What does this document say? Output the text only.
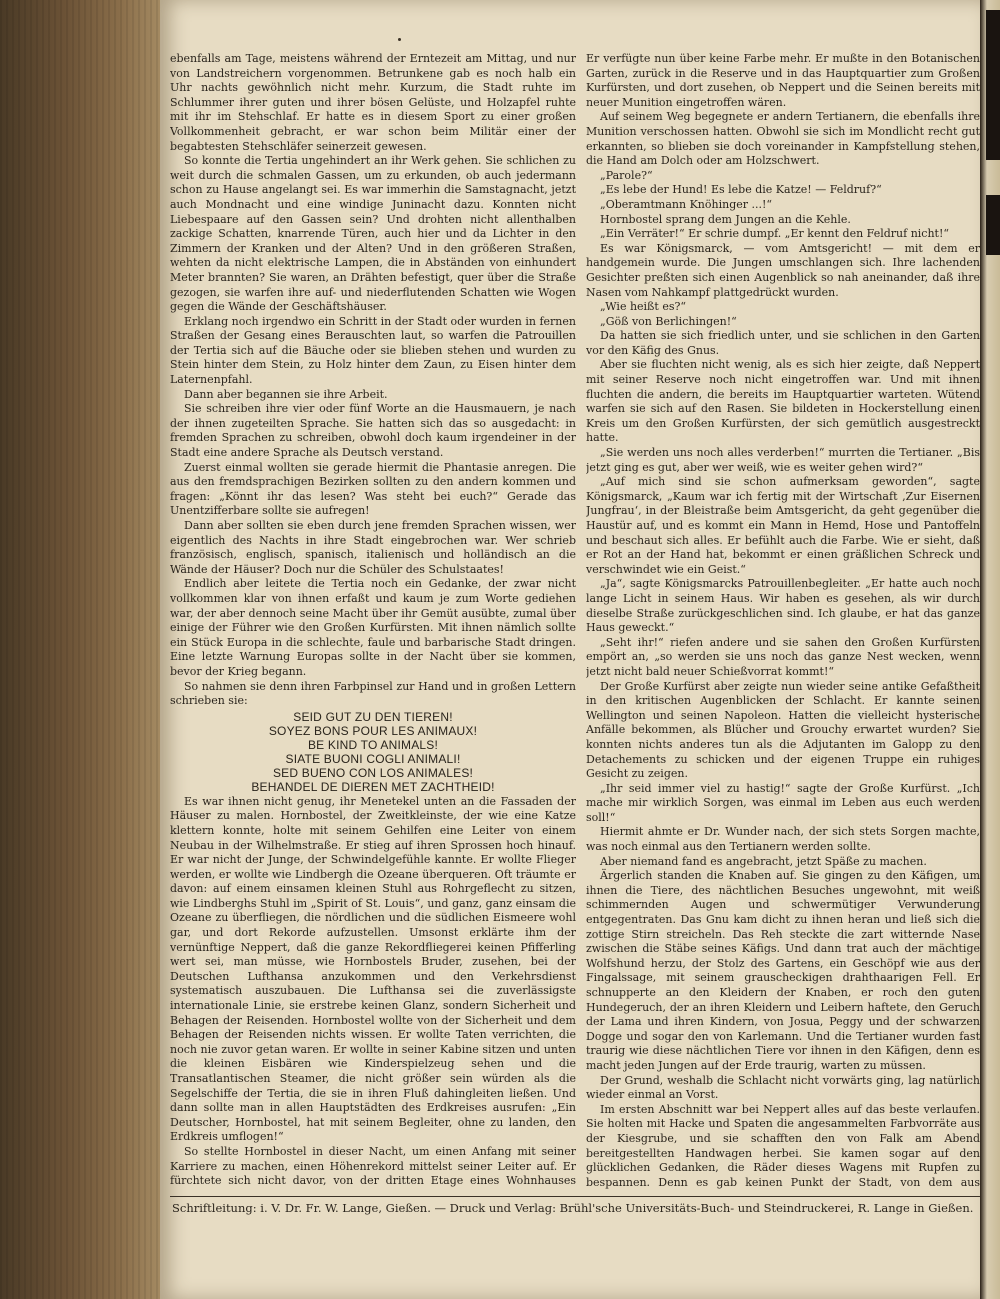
ebenfalls am Tage, meistens während der Erntezeit am Mittag, und nur von Landstreichern vorgenommen. Betrunkene gab es noch halb ein Uhr nachts gewöhnlich nicht mehr. Kurzum, die Stadt ruhte im Schlummer ihrer guten und ihrer bösen Gelüste, und Holzapfel ruhte mit ihr im Stehschlaf. Er hatte es in diesem Sport zu einer großen Vollkommenheit gebracht, er war schon beim Militär einer der begabtesten Stehschläfer seinerzeit gewesen.

So konnte die Tertia ungehindert an ihr Werk gehen. Sie schlichen zu weit durch die schmalen Gassen, um zu erkunden, ob auch jedermann schon zu Hause angelangt sei. Es war immerhin die Samstagnacht, jetzt auch Mondnacht und eine windige Juninacht dazu. Konnten nicht Liebespaare auf den Gassen sein? Und drohten nicht allenthalben zackige Schatten, knarrende Türen, auch hier und da Lichter in den Zimmern der Kranken und der Alten? Und in den größeren Straßen, wehten da nicht elektrische Lampen, die in Abständen von einhundert Meter brannten? Sie waren, an Drähten befestigt, quer über die Straße gezogen, sie warfen ihre auf- und niederflutenden Schatten wie Wogen gegen die Wände der Geschäftshäuser.

Erklang noch irgendwo ein Schritt in der Stadt oder wurden in fernen Straßen der Gesang eines Berauschten laut, so warfen die Patrouillen der Tertia sich auf die Bäuche oder sie blieben stehen und wurden zu Stein hinter dem Stein, zu Holz hinter dem Zaun, zu Eisen hinter dem Laternenpfahl.

Dann aber begannen sie ihre Arbeit.

Sie schreiben ihre vier oder fünf Worte an die Hausmauern, je nach der ihnen zugeteilten Sprache. Sie hatten sich das so ausgedacht: in fremden Sprachen zu schreiben, obwohl doch kaum irgendeiner in der Stadt eine andere Sprache als Deutsch verstand.

Zuerst einmal wollten sie gerade hiermit die Phantasie anregen. Die aus den fremdsprachigen Bezirken sollten zu den andern kommen und fragen: „Könnt ihr das lesen? Was steht bei euch?“ Gerade das Unentzifferbare sollte sie aufregen!

Dann aber sollten sie eben durch jene fremden Sprachen wissen, wer eigentlich des Nachts in ihre Stadt eingebrochen war. Wer schrieb französisch, englisch, spanisch, italienisch und holländisch an die Wände der Häuser? Doch nur die Schüler des Schulstaates!

Endlich aber leitete die Tertia noch ein Gedanke, der zwar nicht vollkommen klar von ihnen erfaßt und kaum je zum Worte gediehen war, der aber dennoch seine Macht über ihr Gemüt ausübte, zumal über einige der Führer wie den Großen Kurfürsten. Mit ihnen nämlich sollte ein Stück Europa in die schlechte, faule und barbarische Stadt dringen. Eine letzte Warnung Europas sollte in der Nacht über sie kommen, bevor der Krieg begann.

So nahmen sie denn ihren Farbpinsel zur Hand und in großen Lettern schrieben sie:

SEID GUT ZU DEN TIEREN!
SOYEZ BONS POUR LES ANIMAUX!
BE KIND TO ANIMALS!
SIATE BUONI COGLI ANIMALI!
SED BUENO CON LOS ANIMALES!
BEHANDEL DE DIEREN MET ZACHTHEID!

Es war ihnen nicht genug, ihr Menetekel unten an die Fassaden der Häuser zu malen. Hornbostel, der Zweitkleinste, der wie eine Katze klettern konnte, holte mit seinem Gehilfen eine Leiter von einem Neubau in der Wilhelmstraße. Er stieg auf ihren Sprossen hoch hinauf. Er war nicht der Junge, der Schwindelgefühle kannte. Er wollte Flieger werden, er wollte wie Lindbergh die Ozeane überqueren. Oft träumte er davon: auf einem einsamen kleinen Stuhl aus Rohrgeflecht zu sitzen, wie Lindberghs Stuhl im „Spirit of St. Louis“, und ganz, ganz einsam die Ozeane zu überfliegen, die nördlichen und die südlichen Eismeere wohl gar, und dort Rekorde aufzustellen. Umsonst erklärte ihm der vernünftige Neppert, daß die ganze Rekordfliegerei keinen Pfifferling wert sei, man müsse, wie Hornbostels Bruder, zusehen, bei der Deutschen Lufthansa anzukommen und den Verkehrsdienst systematisch auszubauen. Die Lufthansa sei die zuverlässigste internationale Linie, sie erstrebe keinen Glanz, sondern Sicherheit und Behagen der Reisenden. Hornbostel wollte von der Sicherheit und dem Behagen der Reisenden nichts wissen. Er wollte Taten verrichten, die noch nie zuvor getan waren. Er wollte in seiner Kabine sitzen und unten die kleinen Eisbären wie Kinderspielzeug sehen und die Transatlantischen Steamer, die nicht größer sein würden als die Segelschiffe der Tertia, die sie in ihren Fluß dahingleiten ließen. Und dann sollte man in allen Hauptstädten des Erdkreises ausrufen: „Ein Deutscher, Hornbostel, hat mit seinem Begleiter, ohne zu landen, den Erdkreis umflogen!“

So stellte Hornbostel in dieser Nacht, um einen Anfang mit seiner Karriere zu machen, einen Höhenrekord mittelst seiner Leiter auf. Er fürchtete sich nicht davor, von der dritten Etage eines Wohnhauses

Er verfügte nun über keine Farbe mehr. Er mußte in den Botanischen Garten, zurück in die Reserve und in das Hauptquartier zum Großen Kurfürsten, und dort zusehen, ob Neppert und die Seinen bereits mit neuer Munition eingetroffen wären.

Auf seinem Weg begegnete er andern Tertianern, die ebenfalls ihre Munition verschossen hatten. Obwohl sie sich im Mondlicht recht gut erkannten, so blieben sie doch voreinander in Kampfstellung stehen, die Hand am Dolch oder am Holzschwert.

„Parole?“

„Es lebe der Hund! Es lebe die Katze! — Feldruf?“

„Oberamtmann Knöhinger ...!“

Hornbostel sprang dem Jungen an die Kehle.

„Ein Verräter!“ Er schrie dumpf. „Er kennt den Feldruf nicht!“

Es war Königsmarck, — vom Amtsgericht! — mit dem er handgemein wurde. Die Jungen umschlangen sich. Ihre lachenden Gesichter preßten sich einen Augenblick so nah aneinander, daß ihre Nasen vom Nahkampf plattgedrückt wurden.

„Wie heißt es?“

„Göß von Berlichingen!“

Da hatten sie sich friedlich unter, und sie schlichen in den Garten vor den Käfig des Gnus.

Aber sie fluchten nicht wenig, als es sich hier zeigte, daß Neppert mit seiner Reserve noch nicht eingetroffen war. Und mit ihnen fluchten die andern, die bereits im Hauptquartier warteten. Wütend warfen sie sich auf den Rasen. Sie bildeten in Hockerstellung einen Kreis um den Großen Kurfürsten, der sich gemütlich ausgestreckt hatte.

„Sie werden uns noch alles verderben!“ murrten die Tertianer. „Bis jetzt ging es gut, aber wer weiß, wie es weiter gehen wird?“

„Auf mich sind sie schon aufmerksam geworden“, sagte Königsmarck, „Kaum war ich fertig mit der Wirtschaft ‚Zur Eisernen Jungfrau‘, in der Bleistraße beim Amtsgericht, da geht gegenüber die Haustür auf, und es kommt ein Mann in Hemd, Hose und Pantoffeln und beschaut sich alles. Er befühlt auch die Farbe. Wie er sieht, daß er Rot an der Hand hat, bekommt er einen gräßlichen Schreck und verschwindet wie ein Geist.“

„Ja“, sagte Königsmarcks Patrouillenbegleiter. „Er hatte auch noch lange Licht in seinem Haus. Wir haben es gesehen, als wir durch dieselbe Straße zurückgeschlichen sind. Ich glaube, er hat das ganze Haus geweckt.“

„Seht ihr!“ riefen andere und sie sahen den Großen Kurfürsten empört an, „so werden sie uns noch das ganze Nest wecken, wenn jetzt nicht bald neuer Schießvorrat kommt!“

Der Große Kurfürst aber zeigte nun wieder seine antike Gefaßtheit in den kritischen Augenblicken der Schlacht. Er kannte seinen Wellington und seinen Napoleon. Hatten die vielleicht hysterische Anfälle bekommen, als Blücher und Grouchy erwartet wurden? Sie konnten nichts anderes tun als die Adjutanten im Galopp zu den Detachements zu schicken und der eigenen Truppe ein ruhiges Gesicht zu zeigen.

„Ihr seid immer viel zu hastig!“ sagte der Große Kurfürst. „Ich mache mir wirklich Sorgen, was einmal im Leben aus euch werden soll!“

Hiermit ahmte er Dr. Wunder nach, der sich stets Sorgen machte, was noch einmal aus den Tertianern werden sollte.

Aber niemand fand es angebracht, jetzt Späße zu machen.

Ärgerlich standen die Knaben auf. Sie gingen zu den Käfigen, um ihnen die Tiere, des nächtlichen Besuches ungewohnt, mit weiß schimmernden Augen und schwermütiger Verwunderung entgegentraten. Das Gnu kam dicht zu ihnen heran und ließ sich die zottige Stirn streicheln. Das Reh steckte die zart witternde Nase zwischen die Stäbe seines Käfigs. Und dann trat auch der mächtige Wolfshund herzu, der Stolz des Gartens, ein Geschöpf wie aus der Fingalssage, mit seinem grauscheckigen drahthaarigen Fell. Er schnupperte an den Kleidern der Knaben, er roch den guten Hundegeruch, der an ihren Kleidern und Leibern haftete, den Geruch der Lama und ihren Kindern, von Josua, Peggy und der schwarzen Dogge und sogar den von Karlemann. Und die Tertianer wurden fast traurig wie diese nächtlichen Tiere vor ihnen in den Käfigen, denn es macht jeden Jungen auf der Erde traurig, warten zu müssen.

Der Grund, weshalb die Schlacht nicht vorwärts ging, lag natürlich wieder einmal an Vorst.

Im ersten Abschnitt war bei Neppert alles auf das beste verlaufen. Sie holten mit Hacke und Spaten die angesammelten Farbvorräte aus der Kiesgrube, und sie schafften den von Falk am Abend bereitgestellten Handwagen herbei. Sie kamen sogar auf den glücklichen Gedanken, die Räder dieses Wagens mit Rupfen zu bespannen. Denn es gab keinen Punkt der Stadt, von dem aus

Schriftleitung: i. V. Dr. Fr. W. Lange, Gießen. — Druck und Verlag: Brühl'sche Universitäts-Buch- und Steindruckerei, R. Lange in Gießen.
